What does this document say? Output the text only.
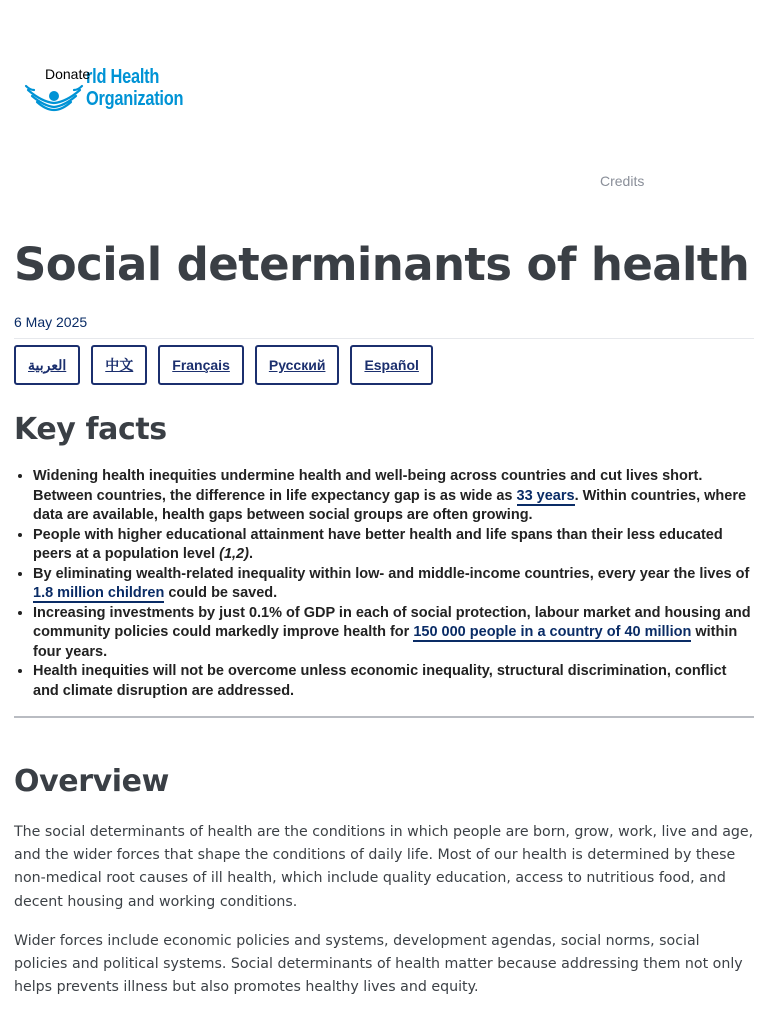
rld Health
Organization
Donate
Credits
Social determinants of health
6 May 2025
العربية	中文	Français	Русский	Español
Key facts
• Widening health inequities undermine health and well-being across countries and cut lives short. Between countries, the difference in life expectancy gap is as wide as 33 years. Within countries, where data are available, health gaps between social groups are often growing.
• People with higher educational attainment have better health and life spans than their less educated peers at a population level (1,2).
• By eliminating wealth-related inequality within low- and middle-income countries, every year the lives of 1.8 million children could be saved.
• Increasing investments by just 0.1% of GDP in each of social protection, labour market and housing and community policies could markedly improve health for 150 000 people in a country of 40 million within four years.
• Health inequities will not be overcome unless economic inequality, structural discrimination, conflict and climate disruption are addressed.
Overview

The social determinants of health are the conditions in which people are born, grow, work, live and age, and the wider forces that shape the conditions of daily life. Most of our health is determined by these non-medical root causes of ill health, which include quality education, access to nutritious food, and decent housing and working conditions.

Wider forces include economic policies and systems, development agendas, social norms, social policies and political systems. Social determinants of health matter because addressing them not only helps prevents illness but also promotes healthy lives and equity.
